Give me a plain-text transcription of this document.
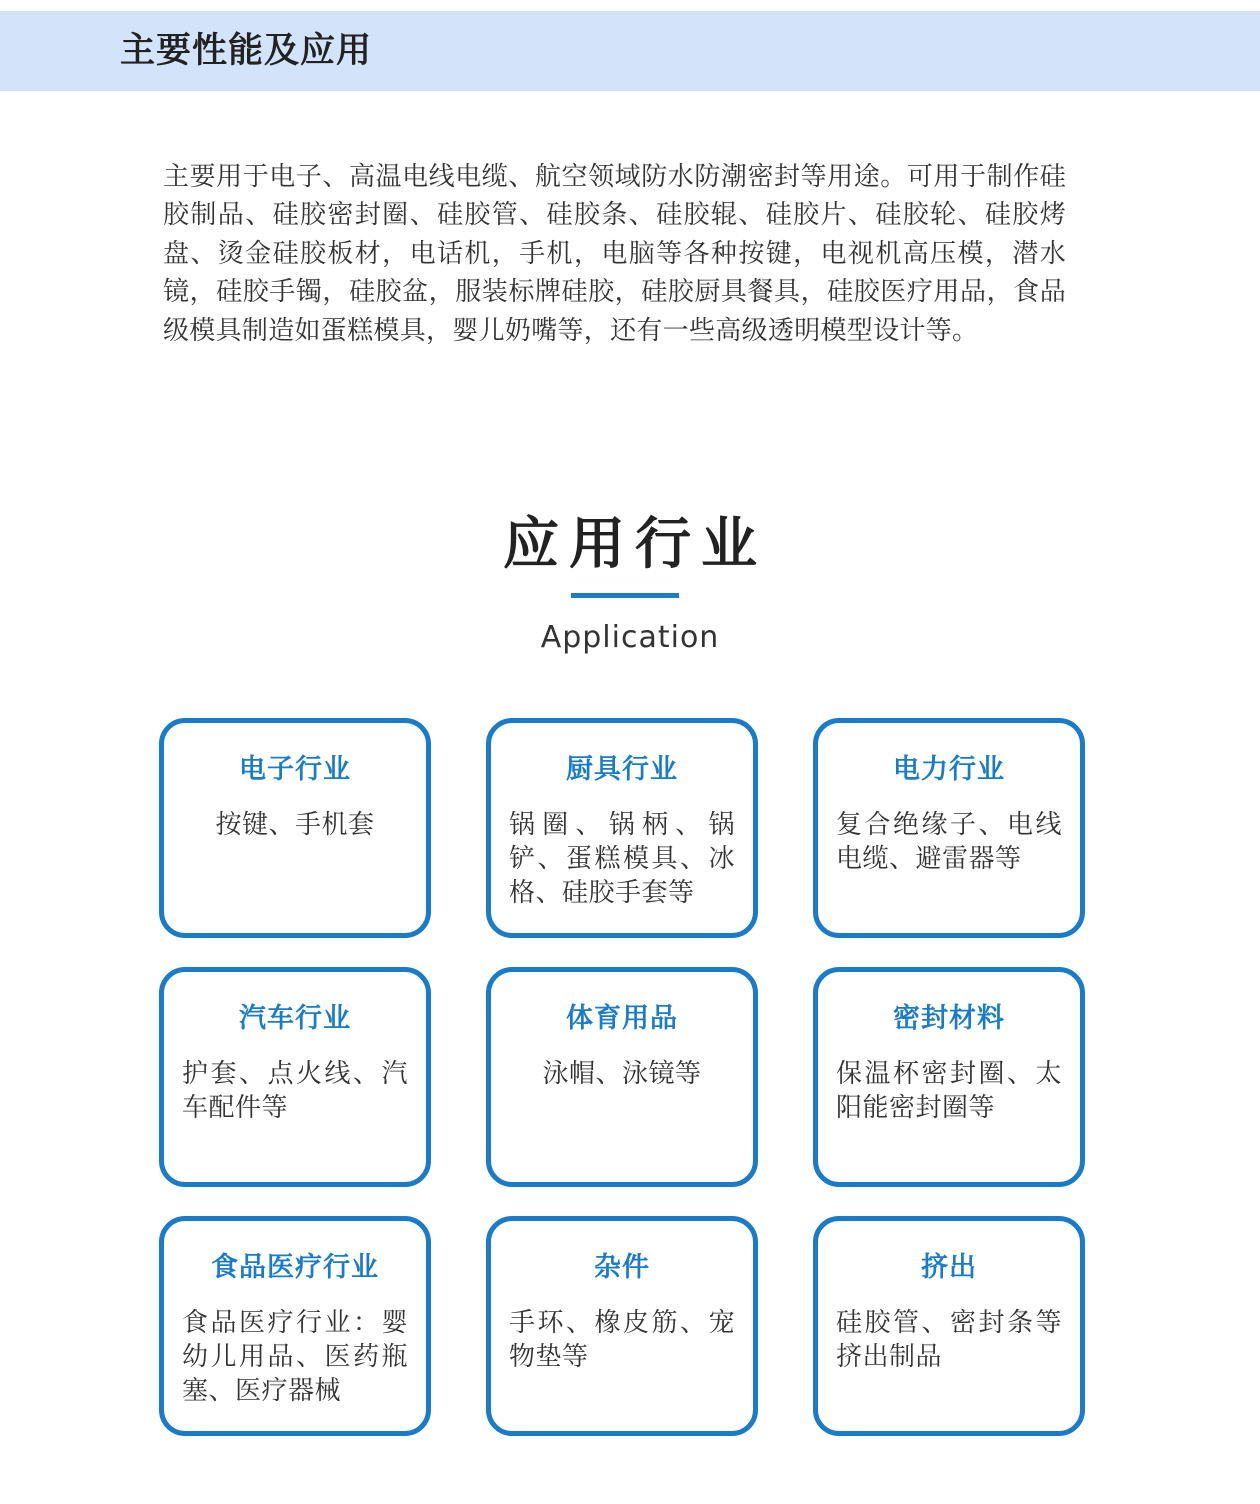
主要性能及应用

主要用于电子、高温电线电缆、航空领域防水防潮密封等用途。可用于制作硅胶制品、硅胶密封圈、硅胶管、硅胶条、硅胶辊、硅胶片、硅胶轮、硅胶烤盘、烫金硅胶板材，电话机，手机，电脑等各种按键，电视机高压模，潜水镜，硅胶手镯，硅胶盆，服装标牌硅胶，硅胶厨具餐具，硅胶医疗用品，食品级模具制造如蛋糕模具，婴儿奶嘴等，还有一些高级透明模型设计等。

应用行业
Application
电子行业

按键、手机套

厨具行业

锅圈、锅柄、锅铲、蛋糕模具、冰格、硅胶手套等

电力行业

复合绝缘子、电线电缆、避雷器等

汽车行业

护套、点火线、汽车配件等

体育用品

泳帽、泳镜等

密封材料

保温杯密封圈、太阳能密封圈等

食品医疗行业

食品医疗行业：婴幼儿用品、医药瓶塞、医疗器械

杂件

手环、橡皮筋、宠物垫等

挤出

硅胶管、密封条等挤出制品
